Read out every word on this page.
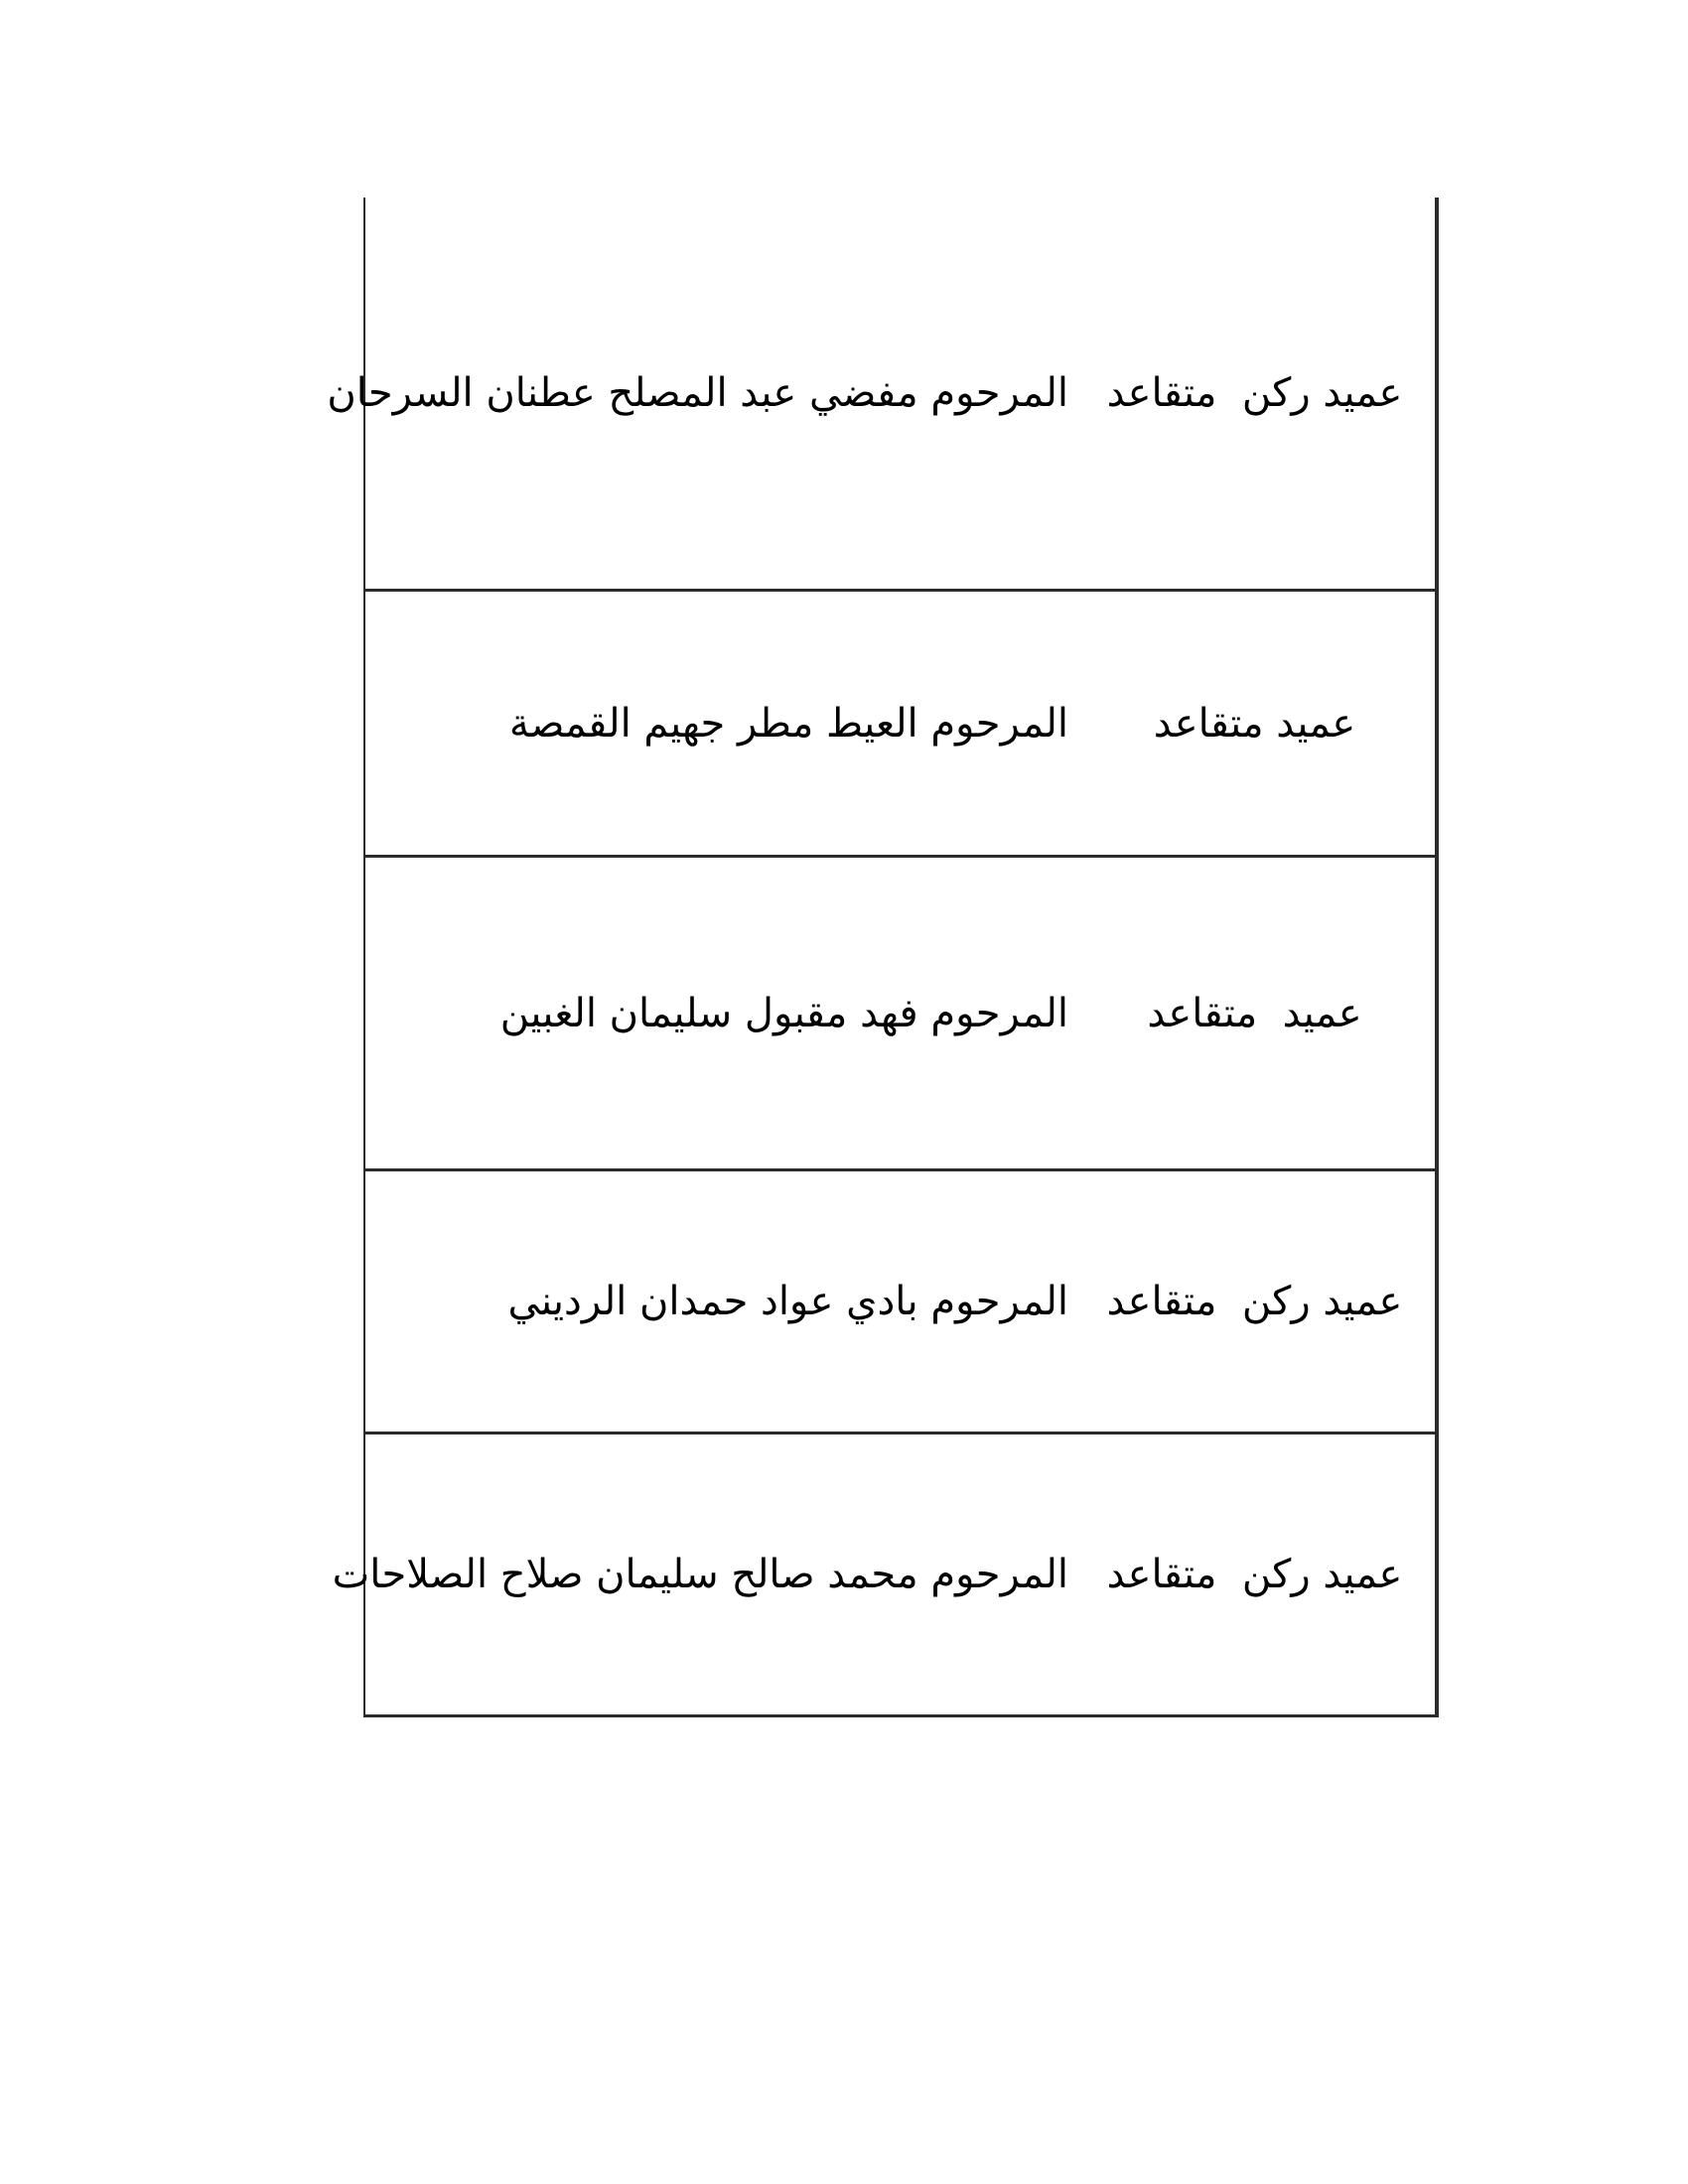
المرحوم مفضي عبد المصلح عطنان السرحان عميد ركن  متقاعد
المرحوم العيط مطر جهيم القمصة	عميد متقاعد
المرحوم فهد مقبول سليمان الغبين	عميد  متقاعد
المرحوم بادي عواد حمدان الرديني عميد ركن  متقاعد
المرحوم محمد صالح سليمان صلاح الصلاحات عميد ركن  متقاعد
